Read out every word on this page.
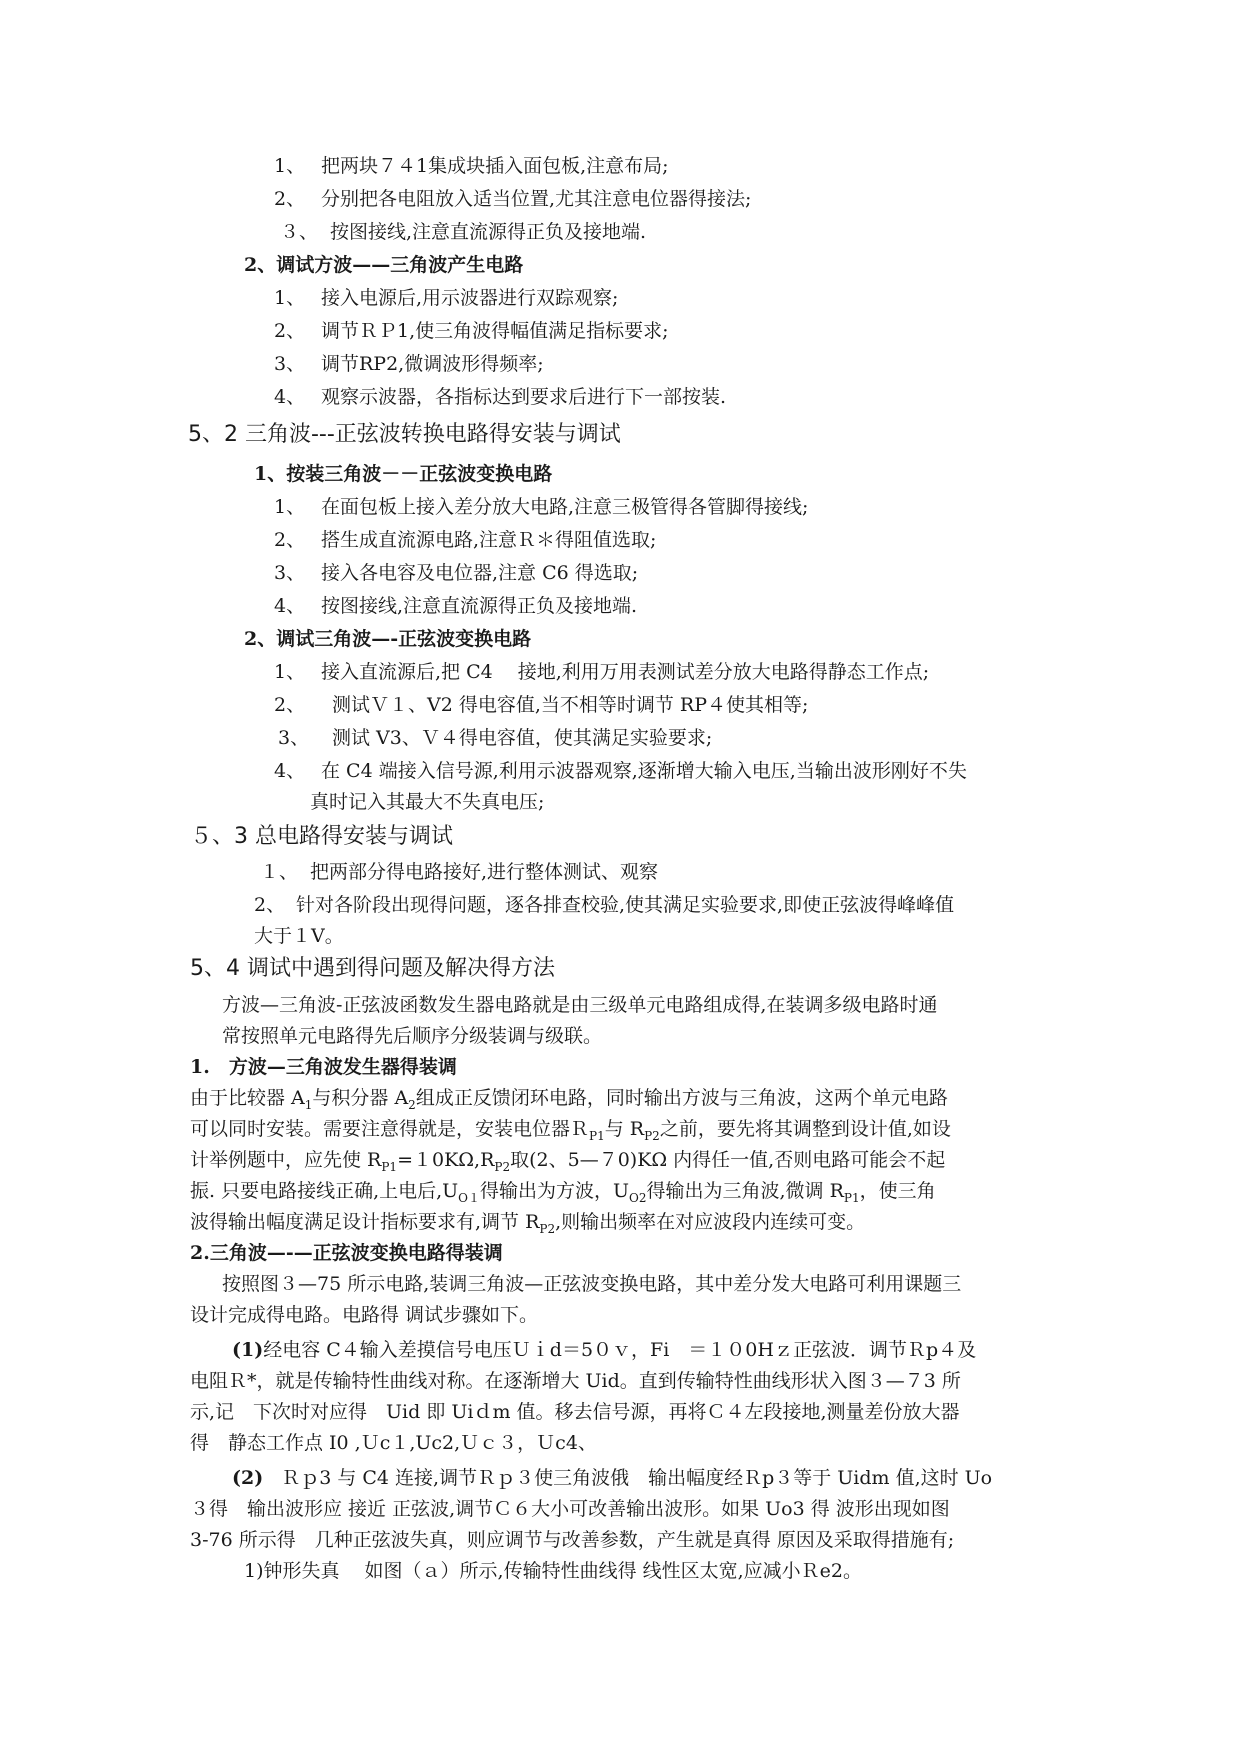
1、 把两块７４1集成块插入面包板,注意布局;
2、 分别把各电阻放入适当位置,尤其注意电位器得接法;
３、 按图接线,注意直流源得正负及接地端.
2、调试方波——三角波产生电路
1、 接入电源后,用示波器进行双踪观察;
2、 调节ＲＰ1,使三角波得幅值满足指标要求;
3、 调节RP2,微调波形得频率;
4、 观察示波器，各指标达到要求后进行下一部按装.
5、2 三角波---正弦波转换电路得安装与调试
1、按装三角波－－正弦波变换电路
1、 在面包板上接入差分放大电路,注意三极管得各管脚得接线;
2、 搭生成直流源电路,注意Ｒ＊得阻值选取;
3、 接入各电容及电位器,注意 C6 得选取;
4、 按图接线,注意直流源得正负及接地端.
2、调试三角波—-正弦波变换电路
1、 接入直流源后,把 C4　 接地,利用万用表测试差分放大电路得静态工作点;
2、 测试Ｖ１、V2 得电容值,当不相等时调节 RP４使其相等;
3、 测试 V3、Ｖ４得电容值，使其满足实验要求;
4、 在 C4 端接入信号源,利用示波器观察,逐渐增大输入电压,当输出波形刚好不失
真时记入其最大不失真电压;
５、3 总电路得安装与调试
１、 把两部分得电路接好,进行整体测试、观察
2、 针对各阶段出现得问题，逐各排查校验,使其满足实验要求,即使正弦波得峰峰值
大于１V。
5、4 调试中遇到得问题及解决得方法
方波—三角波-正弦波函数发生器电路就是由三级单元电路组成得,在装调多级电路时通
常按照单元电路得先后顺序分级装调与级联。
1.　方波—三角波发生器得装调
由于比较器 $A_1$与积分器 $A_2$组成正反馈闭环电路，同时输出方波与三角波，这两个单元电路
可以同时安装。需要注意得就是，安装电位器Ｒ$_{P1}$与 $R_{P2}$之前，要先将其调整到设计值,如设
计举例题中，应先使 $R_{P1}=10K\Omega,R_{P2}$取(2、5—７0)KΩ 内得任一值,否则电路可能会不起
振. 只要电路接线正确,上电后$,U_{O1}$得输出为方波，$U_{O2}$得输出为三角波,微调 $R_{P1}$，使三角
波得输出幅度满足设计指标要求有,调节 $R_{P2}$,则输出频率在对应波段内连续可变。
2.三角波—-—正弦波变换电路得装调
按照图３—75 所示电路,装调三角波—正弦波变换电路，其中差分发大电路可利用课题三
设计完成得电路。电路得 调试步骤如下。
(1)经电容 C４输入差摸信号电压Ｕｉd＝5０ｖ，Fi　＝１０0Hｚ正弦波．调节Ｒp４及
电阻Ｒ*，就是传输特性曲线对称。在逐渐增大 Uid。直到传输特性曲线形状入图３—７3 所
示,记　下次时对应得　Uid 即 Uiｄm 值。移去信号源，再将Ｃ４左段接地,测量差份放大器
得　静态工作点 I0 ,Ｕc１,Uc2,Ｕｃ３，Ｕc4、
(2) Ｒｐ3 与 C4 连接,调节Ｒｐ３使三角波俄　输出幅度经Ｒp３等于 Uidm 值,这时 Uo
３得　输出波形应 接近 正弦波,调节Ｃ６大小可改善输出波形。如果 Uo3 得 波形出现如图
3-76 所示得　几种正弦波失真，则应调节与改善参数，产生就是真得 原因及采取得措施有;
1)钟形失真　 如图（ａ）所示,传输特性曲线得 线性区太宽,应减小Ｒe2。
